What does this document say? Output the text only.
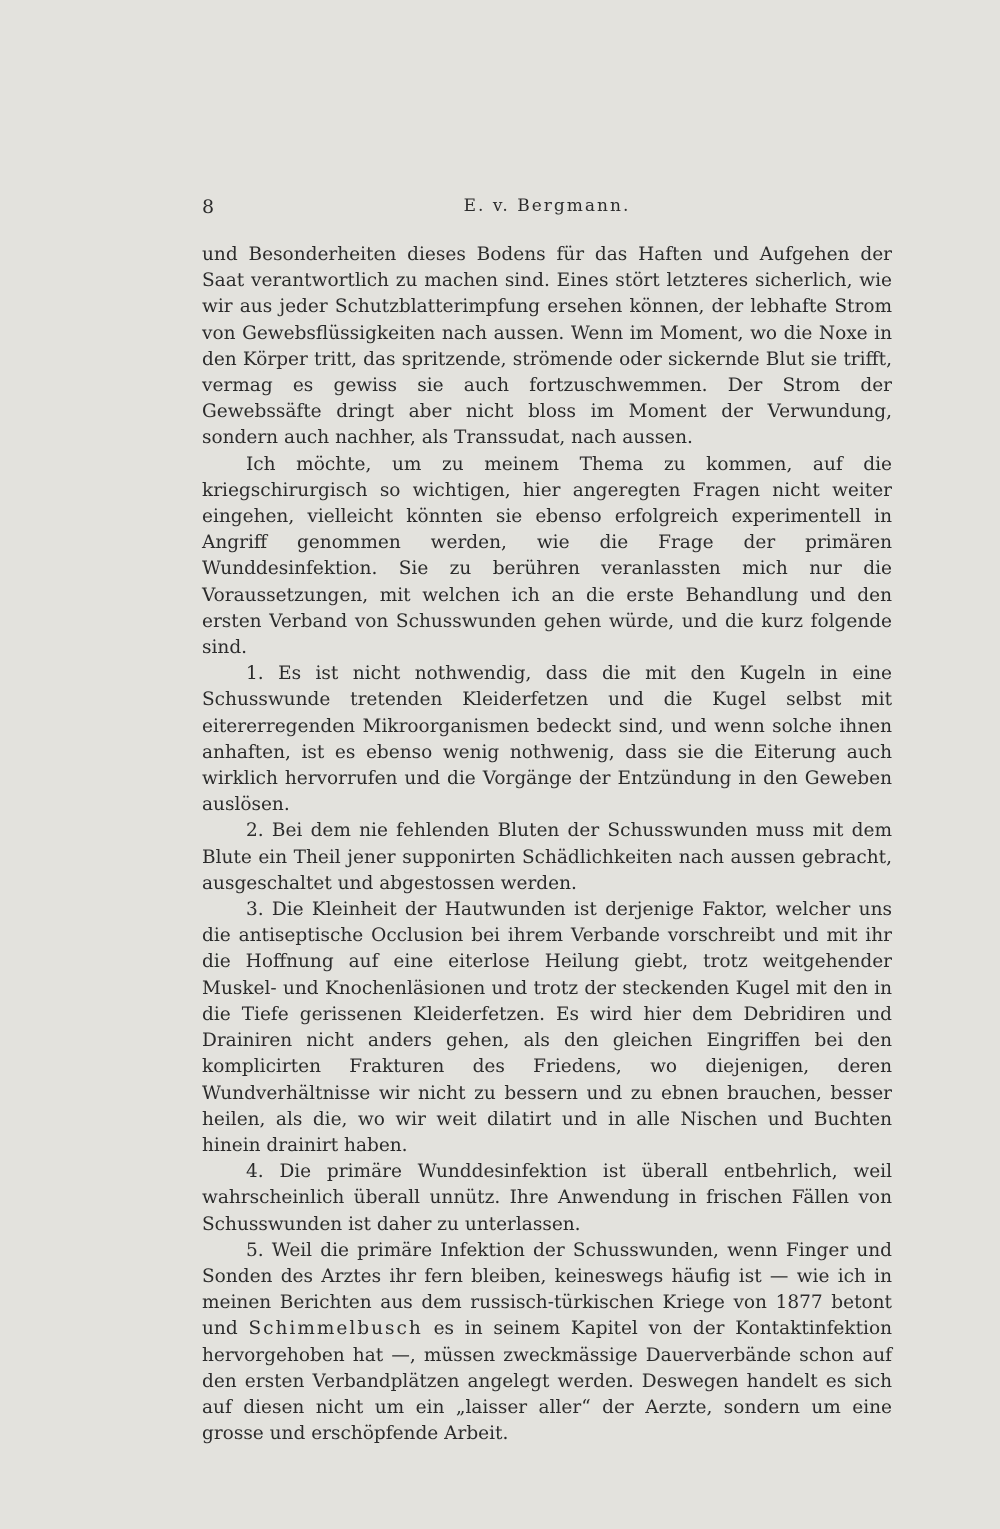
8	E. v. Bergmann.

und Besonderheiten dieses Bodens für das Haften und Aufgehen der Saat verantwortlich zu machen sind. Eines stört letzteres sicherlich, wie wir aus jeder Schutzblatterimpfung ersehen können, der lebhafte Strom von Gewebsflüssigkeiten nach aussen. Wenn im Moment, wo die Noxe in den Körper tritt, das spritzende, strömende oder sickernde Blut sie trifft, vermag es gewiss sie auch fortzuschwemmen. Der Strom der Gewebssäfte dringt aber nicht bloss im Moment der Verwundung, sondern auch nachher, als Transsudat, nach aussen.

Ich möchte, um zu meinem Thema zu kommen, auf die kriegschirurgisch so wichtigen, hier angeregten Fragen nicht weiter eingehen, vielleicht könnten sie ebenso erfolgreich experimentell in Angriff genommen werden, wie die Frage der primären Wunddesinfektion. Sie zu berühren veranlassten mich nur die Voraussetzungen, mit welchen ich an die erste Behandlung und den ersten Verband von Schusswunden gehen würde, und die kurz folgende sind.

1. Es ist nicht nothwendig, dass die mit den Kugeln in eine Schusswunde tretenden Kleiderfetzen und die Kugel selbst mit eitererregenden Mikroorganismen bedeckt sind, und wenn solche ihnen anhaften, ist es ebenso wenig nothwenig, dass sie die Eiterung auch wirklich hervorrufen und die Vorgänge der Entzündung in den Geweben auslösen.

2. Bei dem nie fehlenden Bluten der Schusswunden muss mit dem Blute ein Theil jener supponirten Schädlichkeiten nach aussen gebracht, ausgeschaltet und abgestossen werden.

3. Die Kleinheit der Hautwunden ist derjenige Faktor, welcher uns die antiseptische Occlusion bei ihrem Verbande vorschreibt und mit ihr die Hoffnung auf eine eiterlose Heilung giebt, trotz weitgehender Muskel- und Knochenläsionen und trotz der steckenden Kugel mit den in die Tiefe gerissenen Kleiderfetzen. Es wird hier dem Debridiren und Drainiren nicht anders gehen, als den gleichen Eingriffen bei den komplicirten Frakturen des Friedens, wo diejenigen, deren Wundverhältnisse wir nicht zu bessern und zu ebnen brauchen, besser heilen, als die, wo wir weit dilatirt und in alle Nischen und Buchten hinein drainirt haben.

4. Die primäre Wunddesinfektion ist überall entbehrlich, weil wahrscheinlich überall unnütz. Ihre Anwendung in frischen Fällen von Schusswunden ist daher zu unterlassen.

5. Weil die primäre Infektion der Schusswunden, wenn Finger und Sonden des Arztes ihr fern bleiben, keineswegs häufig ist — wie ich in meinen Berichten aus dem russisch-türkischen Kriege von 1877 betont und Schimmelbusch es in seinem Kapitel von der Kontaktinfektion hervorgehoben hat —, müssen zweckmässige Dauerverbände schon auf den ersten Verbandplätzen angelegt werden. Deswegen handelt es sich auf diesen nicht um ein „laisser aller“ der Aerzte, sondern um eine grosse und erschöpfende Arbeit.
